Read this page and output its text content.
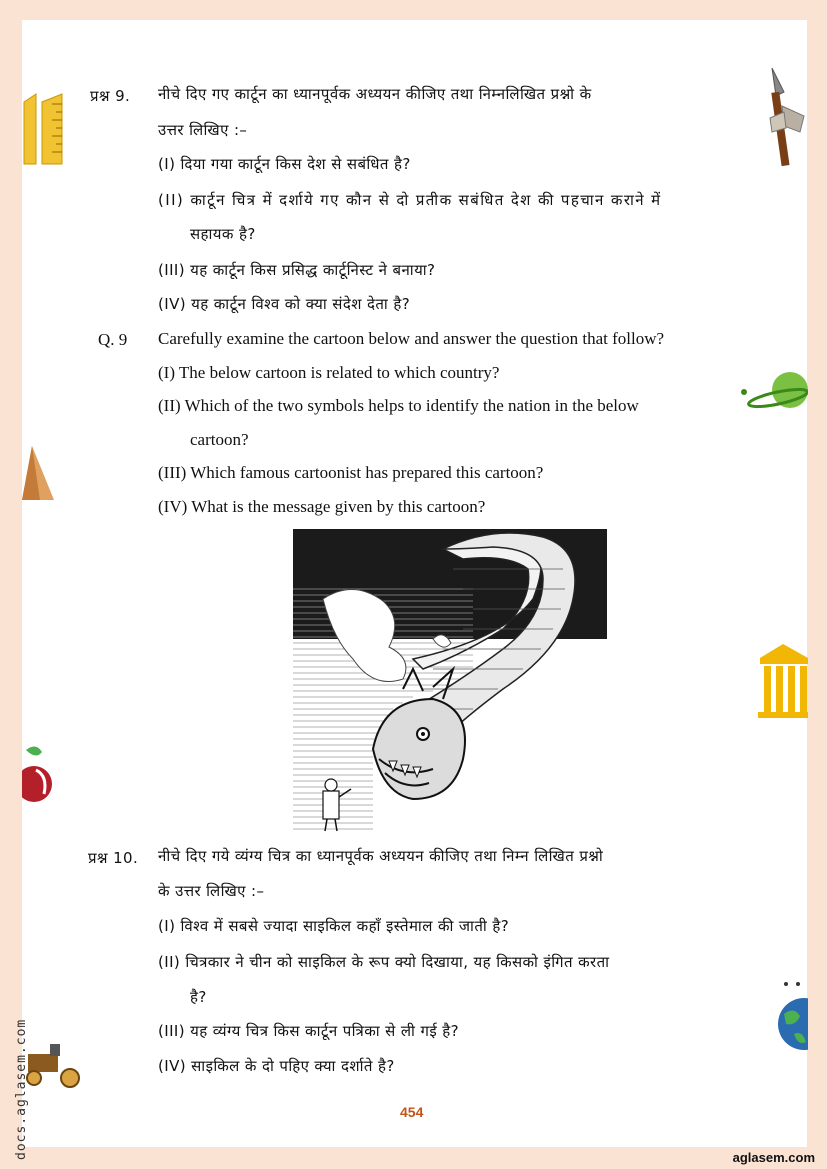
प्रश्न 9. नीचे दिए गए कार्टून का ध्यानपूर्वक अध्ययन कीजिए तथा निम्नलिखित प्रश्नो के
उत्तर लिखिए :–
(I) दिया गया कार्टून किस देश से सबंधित है?
(II) कार्टून चित्र में दर्शाये गए कौन से दो प्रतीक सबंधित देश की पहचान कराने में
सहायक है?
(III) यह कार्टून किस प्रसिद्ध कार्टूनिस्ट ने बनाया?
(IV) यह कार्टून विश्व को क्या संदेश देता है?
Q. 9 Carefully examine the cartoon below and answer the question that follow?
(I) The below cartoon is related to which country?
(II) Which of the two symbols helps to identify the nation in the below
cartoon?
(III) Which famous cartoonist has prepared this cartoon?
(IV) What is the message given by this cartoon?
प्रश्न 10. नीचे दिए गये व्यंग्य चित्र का ध्यानपूर्वक अध्ययन कीजिए तथा निम्न लिखित प्रश्नो
के उत्तर लिखिए :–
(I) विश्व में सबसे ज्यादा साइकिल कहाँ इस्तेमाल की जाती है?
(II) चित्रकार ने चीन को साइकिल के रूप क्यो दिखाया, यह किसको इंगित करता
है?
(III) यह व्यंग्य चित्र किस कार्टून पत्रिका से ली गई है?
(IV) साइकिल के दो पहिए क्या दर्शाते है?
454
aglasem.com
docs.aglasem.com
